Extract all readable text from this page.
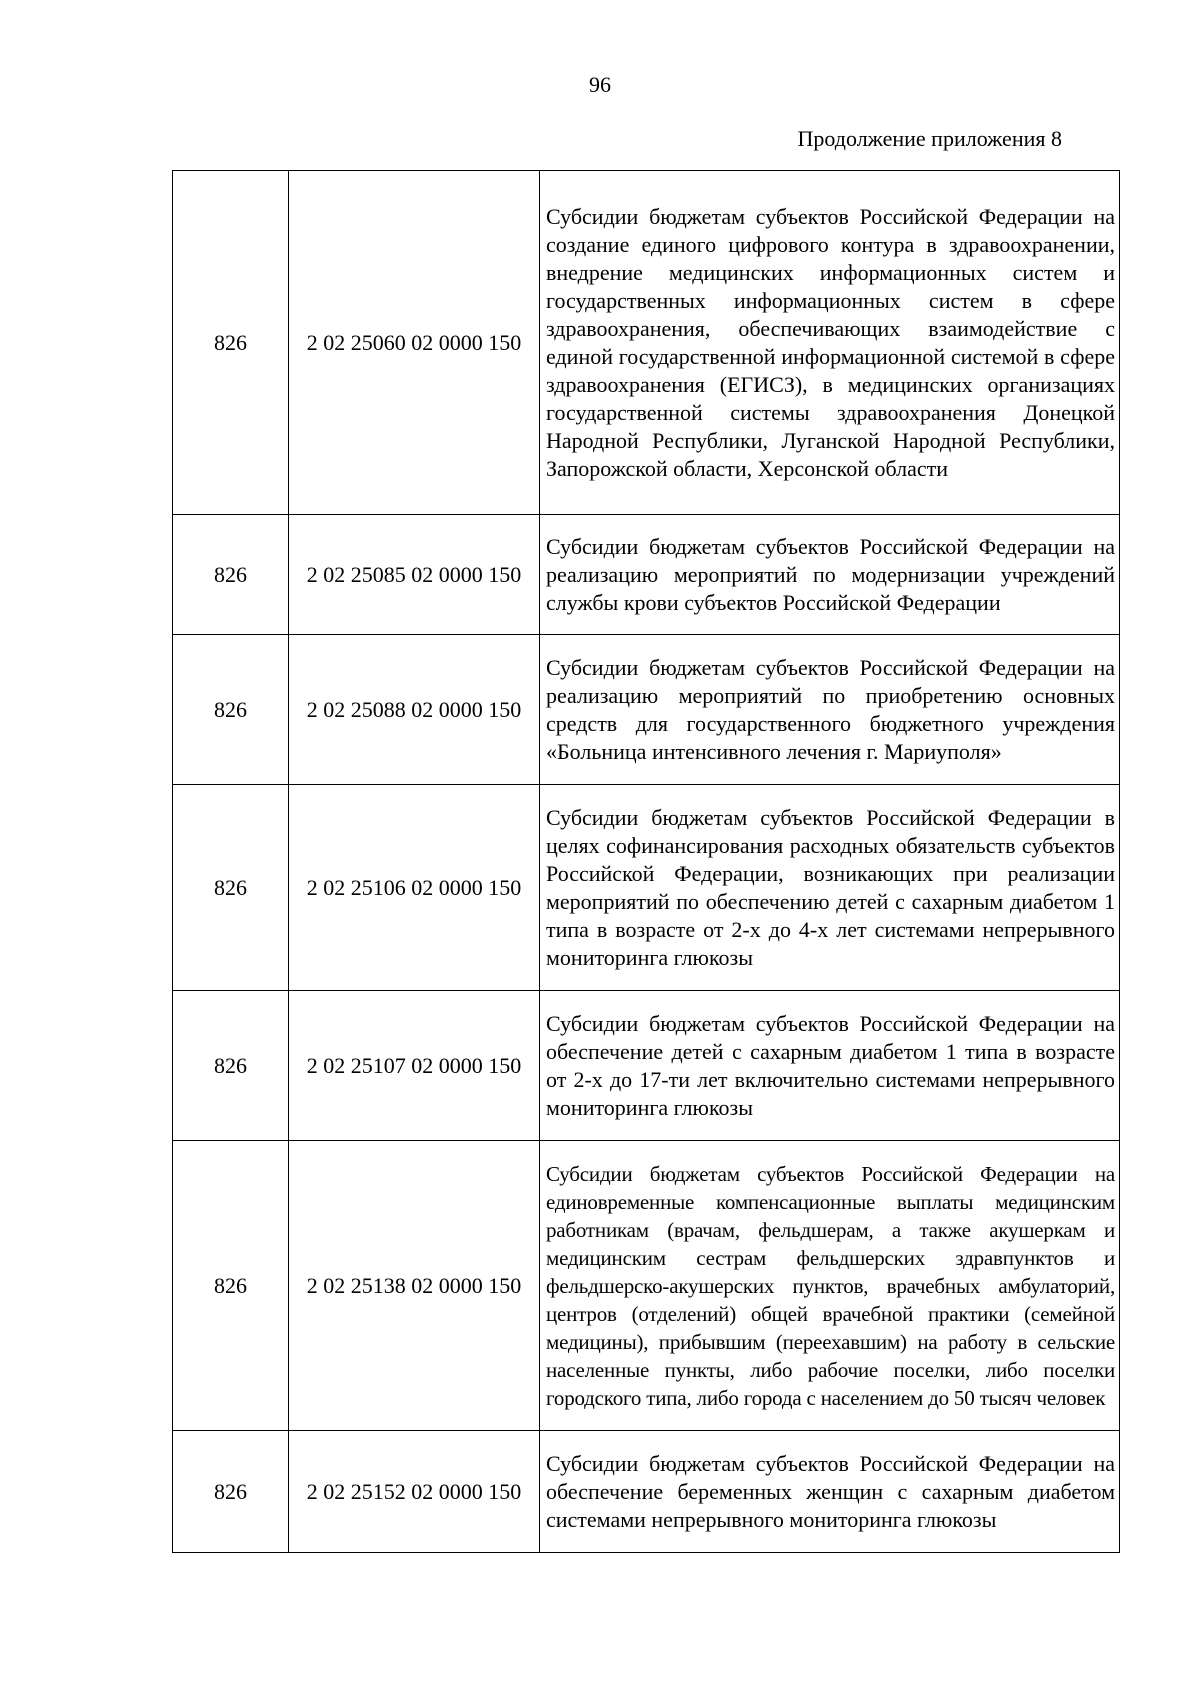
96
Продолжение приложения 8
826	2 02 25060 02 0000 150	Субсидии бюджетам субъектов Российской Федерации на создание единого цифрового контура в здравоохранении, внедрение медицинских информационных систем и государственных информационных систем в сфере здравоохранения, обеспечивающих взаимодействие с единой государственной информационной системой в сфере здравоохранения (ЕГИСЗ), в медицинских организациях государственной системы здравоохранения Донецкой Народной Республики, Луганской Народной Республики, Запорожской области, Херсонской области
826	2 02 25085 02 0000 150	Субсидии бюджетам субъектов Российской Федерации на реализацию мероприятий по модернизации учреждений службы крови субъектов Российской Федерации
826	2 02 25088 02 0000 150	Субсидии бюджетам субъектов Российской Федерации на реализацию мероприятий по приобретению основных средств для государственного бюджетного учреждения «Больница интенсивного лечения г. Мариуполя»
826	2 02 25106 02 0000 150	Субсидии бюджетам субъектов Российской Федерации в целях софинансирования расходных обязательств субъектов Российской Федерации, возникающих при реализации мероприятий по обеспечению детей с сахарным диабетом 1 типа в возрасте от 2-х до 4-х лет системами непрерывного мониторинга глюкозы
826	2 02 25107 02 0000 150	Субсидии бюджетам субъектов Российской Федерации на обеспечение детей с сахарным диабетом 1 типа в возрасте от 2-х до 17-ти лет включительно системами непрерывного мониторинга глюкозы
826	2 02 25138 02 0000 150	Субсидии бюджетам субъектов Российской Федерации на единовременные компенсационные выплаты медицинским работникам (врачам, фельдшерам, а также акушеркам и медицинским сестрам фельдшерских здравпунктов и фельдшерско-акушерских пунктов, врачебных амбулаторий, центров (отделений) общей врачебной практики (семейной медицины), прибывшим (переехавшим) на работу в сельские населенные пункты, либо рабочие поселки, либо поселки городского типа, либо города с населением до 50 тысяч человек
826	2 02 25152 02 0000 150	Субсидии бюджетам субъектов Российской Федерации на обеспечение беременных женщин с сахарным диабетом системами непрерывного мониторинга глюкозы
